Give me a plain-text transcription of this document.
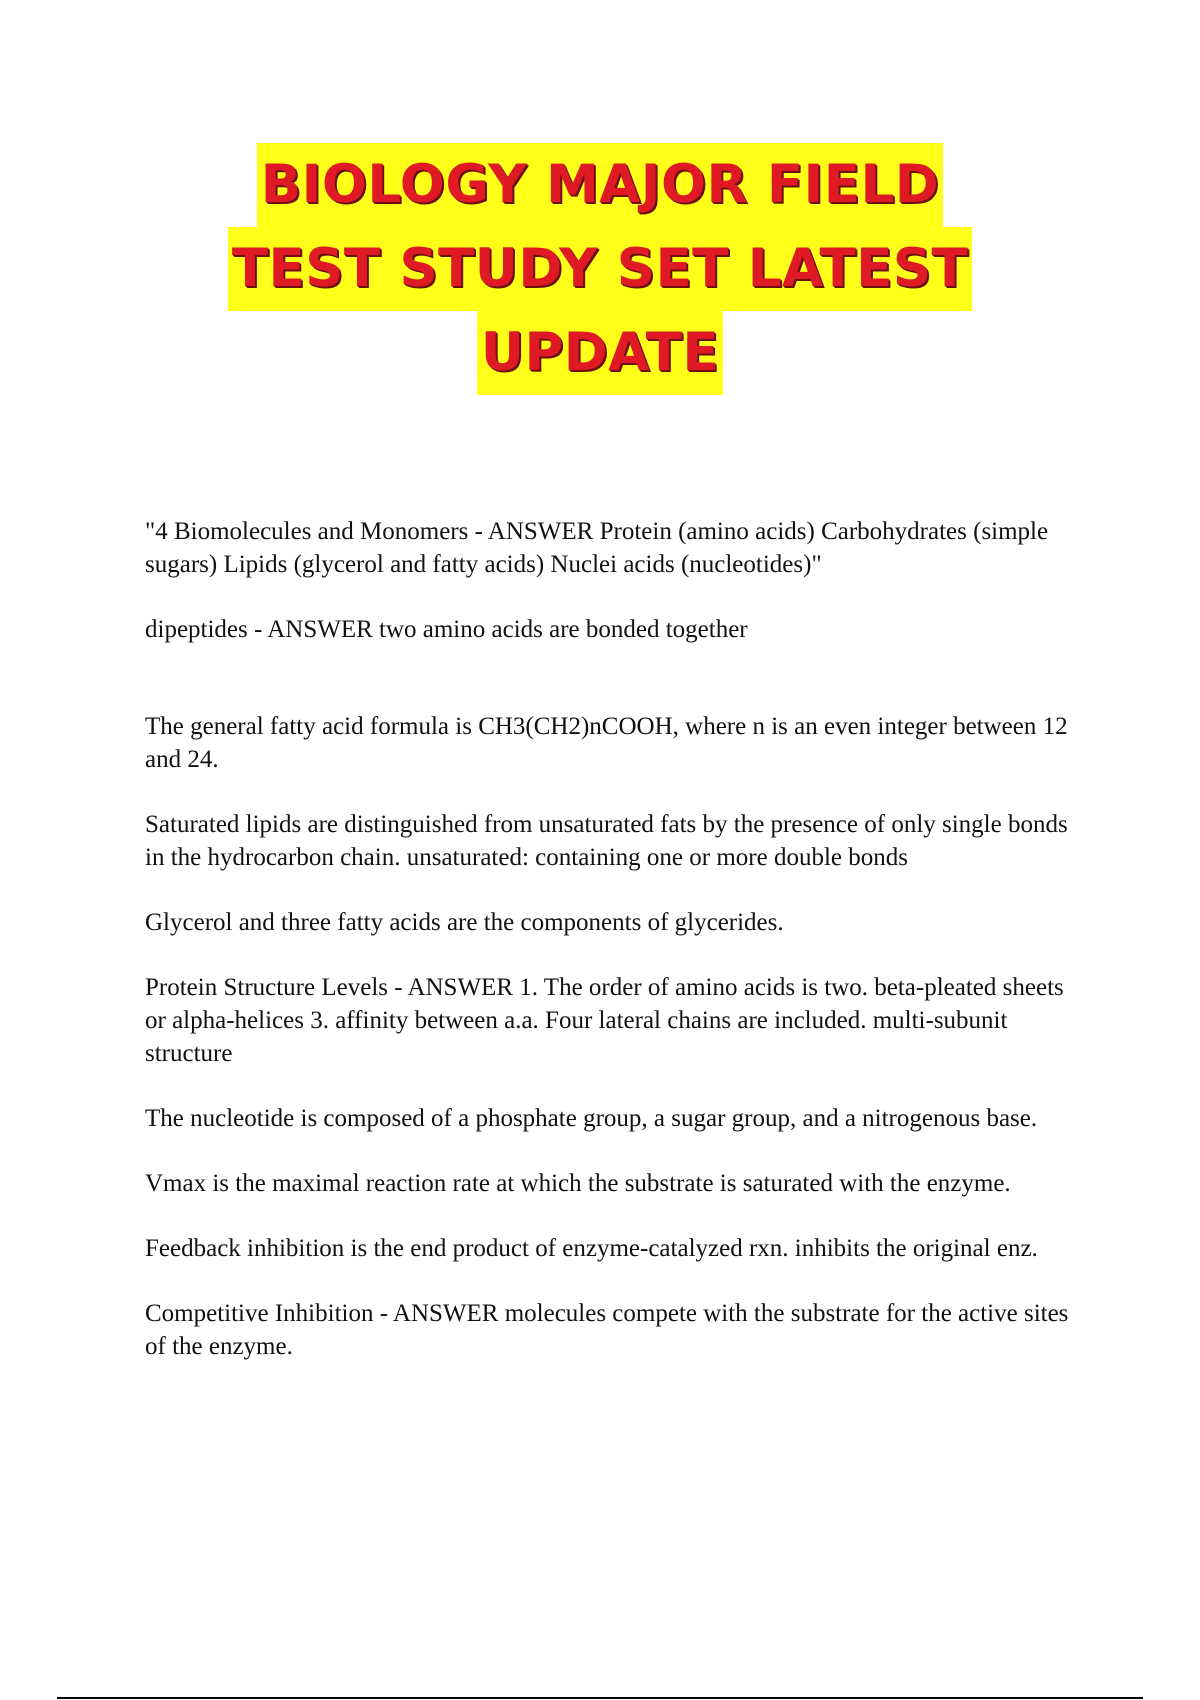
BIOLOGY MAJOR FIELD
TEST STUDY SET LATEST
UPDATE

"4 Biomolecules and Monomers - ANSWER Protein (amino acids) Carbohydrates (simple sugars) Lipids (glycerol and fatty acids) Nuclei acids (nucleotides)"

dipeptides - ANSWER two amino acids are bonded together

The general fatty acid formula is CH3(CH2)nCOOH, where n is an even integer between 12 and 24.

Saturated lipids are distinguished from unsaturated fats by the presence of only single bonds in the hydrocarbon chain. unsaturated: containing one or more double bonds

Glycerol and three fatty acids are the components of glycerides.

Protein Structure Levels - ANSWER 1. The order of amino acids is two. beta-pleated sheets or alpha-helices 3. affinity between a.a. Four lateral chains are included. multi-subunit structure

The nucleotide is composed of a phosphate group, a sugar group, and a nitrogenous base.

Vmax is the maximal reaction rate at which the substrate is saturated with the enzyme.

Feedback inhibition is the end product of enzyme-catalyzed rxn. inhibits the original enz.

Competitive Inhibition - ANSWER molecules compete with the substrate for the active sites of the enzyme.
